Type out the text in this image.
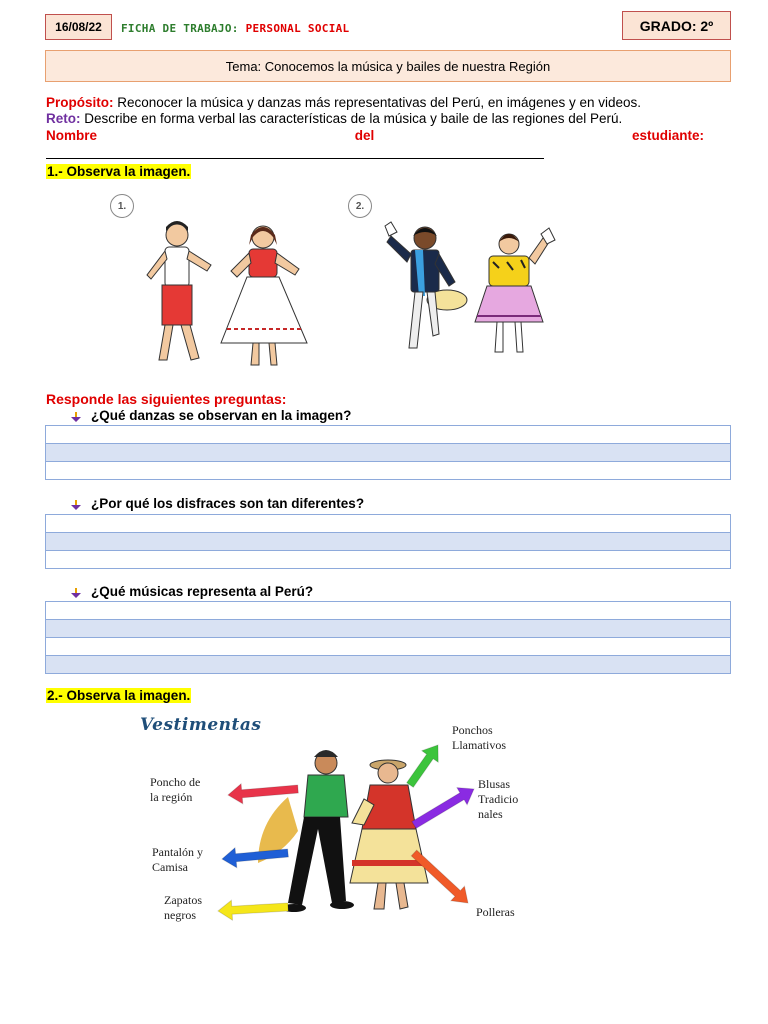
16/08/22	FICHA DE TRABAJO: PERSONAL SOCIAL	GRADO: 2º
Tema: Conocemos la música y bailes de nuestra Región
Propósito: Reconocer la música y danzas más representativas del Perú, en imágenes y en videos.
Reto: Describe en forma verbal las características de la música y baile de las regiones del Perú.
Nombre	del	estudiante:
1.- Observa la imagen.
1.	2.
Responde las siguientes preguntas:
¿Qué danzas se observan en la imagen?
¿Por qué los disfraces son tan diferentes?
¿Qué músicas representa al Perú?
2.- Observa la imagen.
Vestimentas
Poncho de
la región
Pantalón y
Camisa
Zapatos
negros
Ponchos
Llamativos
Blusas
Tradicio
nales
Polleras
